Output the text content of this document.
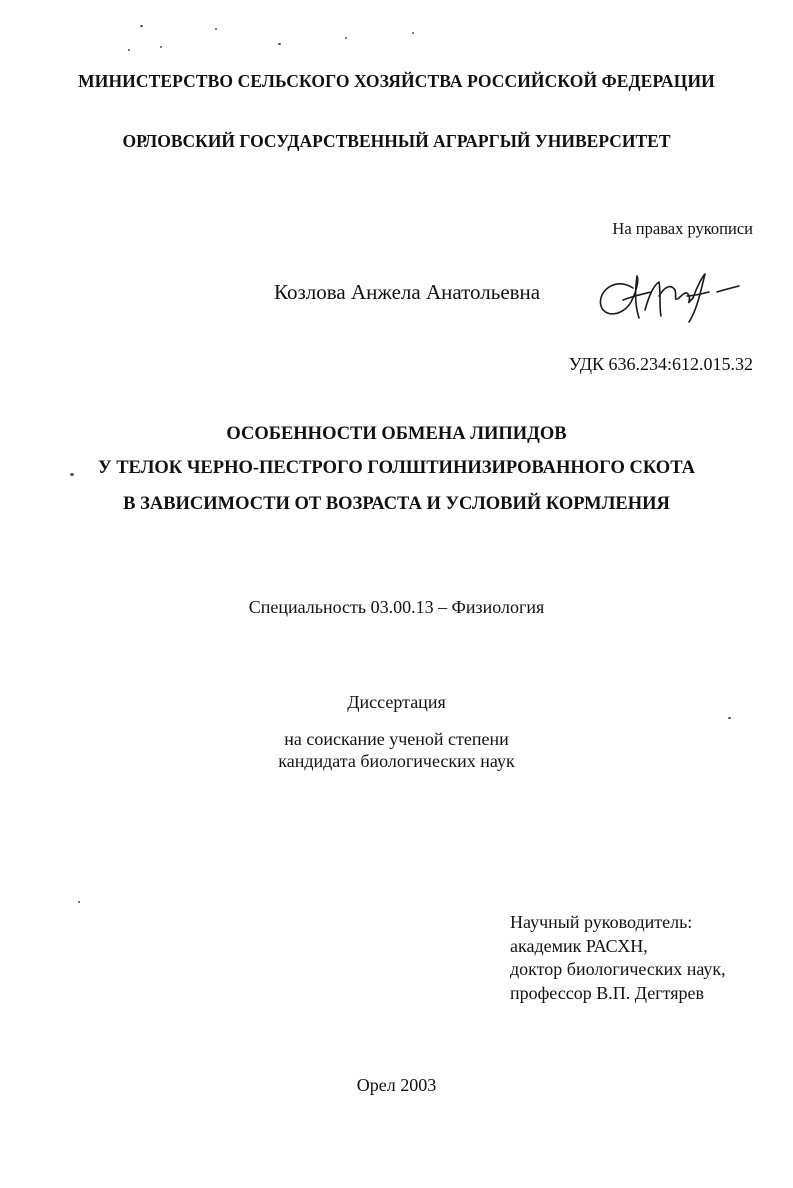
МИНИСТЕРСТВО СЕЛЬСКОГО ХОЗЯЙСТВА РОССИЙСКОЙ ФЕДЕРАЦИИ
ОРЛОВСКИЙ ГОСУДАРСТВЕННЫЙ АГРАРГЫЙ УНИВЕРСИТЕТ
На правах рукописи
Козлова Анжела Анатольевна
УДК 636.234:612.015.32
ОСОБЕННОСТИ ОБМЕНА ЛИПИДОВ
У ТЕЛОК ЧЕРНО-ПЕСТРОГО ГОЛШТИНИЗИРОВАННОГО СКОТА
В ЗАВИСИМОСТИ ОТ ВОЗРАСТА И УСЛОВИЙ КОРМЛЕНИЯ
Специальность 03.00.13 – Физиология
Диссертация
на соискание ученой степени
кандидата биологических наук
Научный руководитель:
академик РАСХН,
доктор биологических наук,
профессор В.П. Дегтярев
Орел 2003
